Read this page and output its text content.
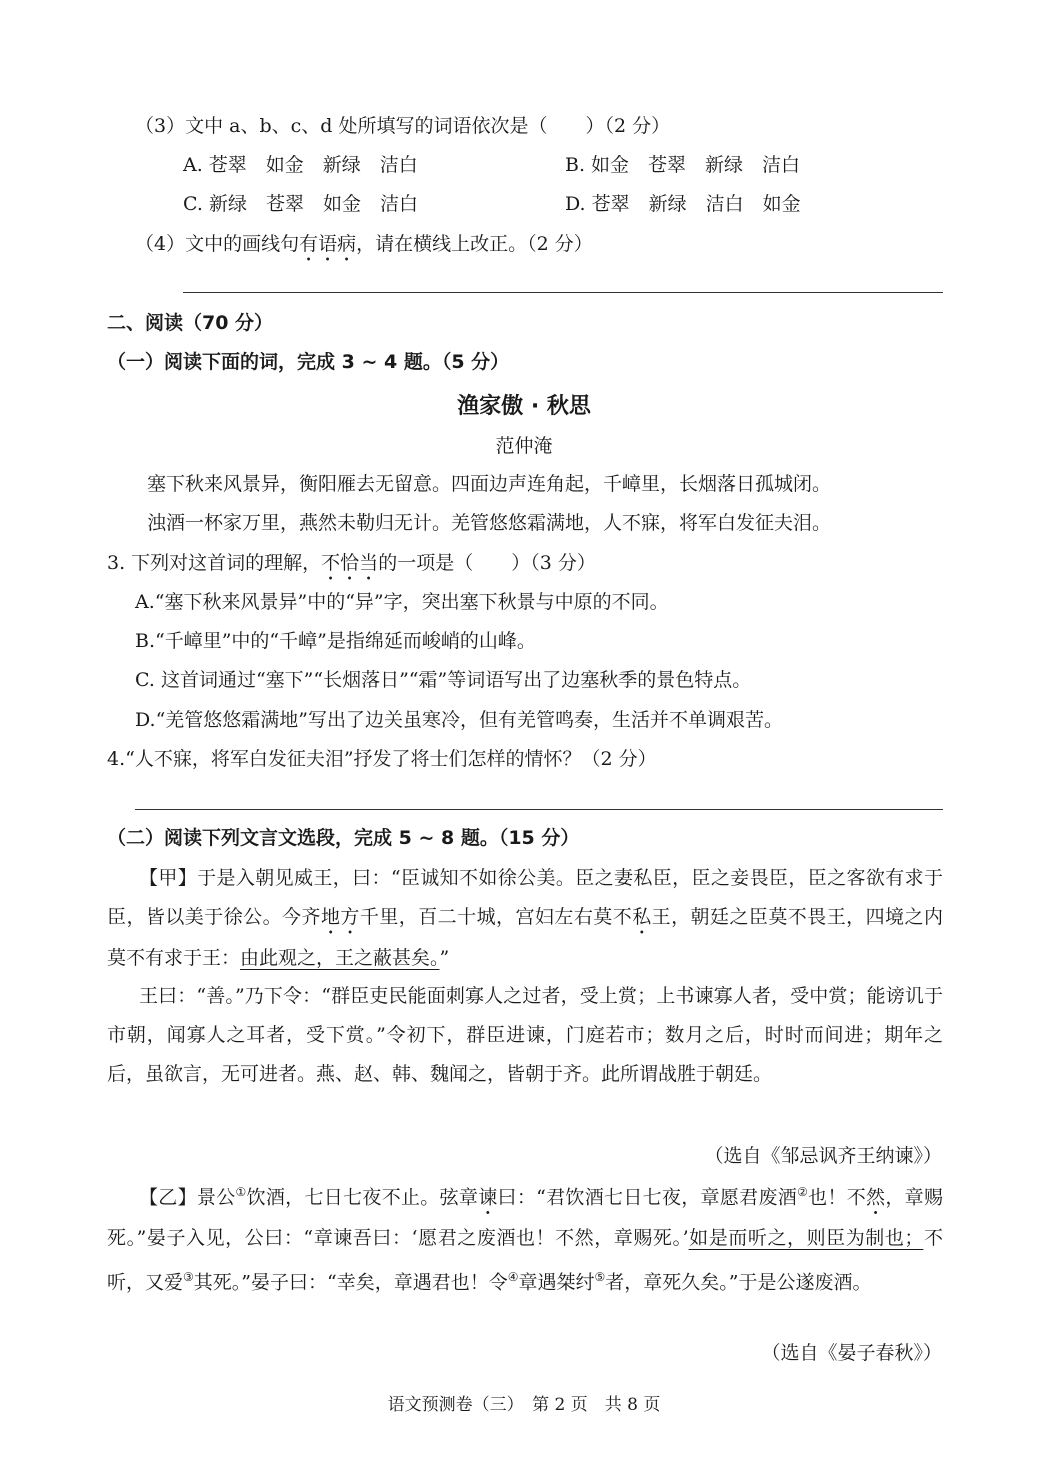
（3）文中 a、b、c、d 处所填写的词语依次是（　　）（2 分）
A. 苍翠　如金　新绿　洁白	B. 如金　苍翠　新绿　洁白
C. 新绿　苍翠　如金　洁白	D. 苍翠　新绿　洁白　如金
（4）文中的画线句有语病，请在横线上改正。（2 分）
二、阅读（70 分）
（一）阅读下面的词，完成 3 ~ 4 题。（5 分）
渔家傲 · 秋思
范仲淹
塞下秋来风景异，衡阳雁去无留意。四面边声连角起，千嶂里，长烟落日孤城闭。
浊酒一杯家万里，燕然未勒归无计。羌管悠悠霜满地，人不寐，将军白发征夫泪。
3. 下列对这首词的理解，不恰当的一项是（　　）（3 分）
A.“塞下秋来风景异”中的“异”字，突出塞下秋景与中原的不同。
B.“千嶂里”中的“千嶂”是指绵延而峻峭的山峰。
C. 这首词通过“塞下”“长烟落日”“霜”等词语写出了边塞秋季的景色特点。
D.“羌管悠悠霜满地”写出了边关虽寒冷，但有羌管鸣奏，生活并不单调艰苦。
4.“人不寐，将军白发征夫泪”抒发了将士们怎样的情怀？（2 分）
（二）阅读下列文言文选段，完成 5 ~ 8 题。（15 分）
【甲】于是入朝见威王，曰：“臣诚知不如徐公美。臣之妻私臣，臣之妾畏臣，臣之客欲有求于臣，皆以美于徐公。今齐地方千里，百二十城，宫妇左右莫不私王，朝廷之臣莫不畏王，四境之内莫不有求于王：由此观之，王之蔽甚矣。”
王曰：“善。”乃下令：“群臣吏民能面刺寡人之过者，受上赏；上书谏寡人者，受中赏；能谤讥于市朝，闻寡人之耳者，受下赏。”令初下，群臣进谏，门庭若市；数月之后，时时而间进；期年之后，虽欲言，无可进者。燕、赵、韩、魏闻之，皆朝于齐。此所谓战胜于朝廷。
（选自《邹忌讽齐王纳谏》）
【乙】景公①饮酒，七日七夜不止。弦章谏曰：“君饮酒七日七夜，章愿君废酒②也！不然，章赐死。”晏子入见，公曰：“章谏吾曰：‘愿君之废酒也！不然，章赐死。’如是而听之，则臣为制也；不听，又爱③其死。”晏子曰：“幸矣，章遇君也！令④章遇桀纣⑤者，章死久矣。”于是公遂废酒。
（选自《晏子春秋》）
语文预测卷（三）　第 2 页　共 8 页
